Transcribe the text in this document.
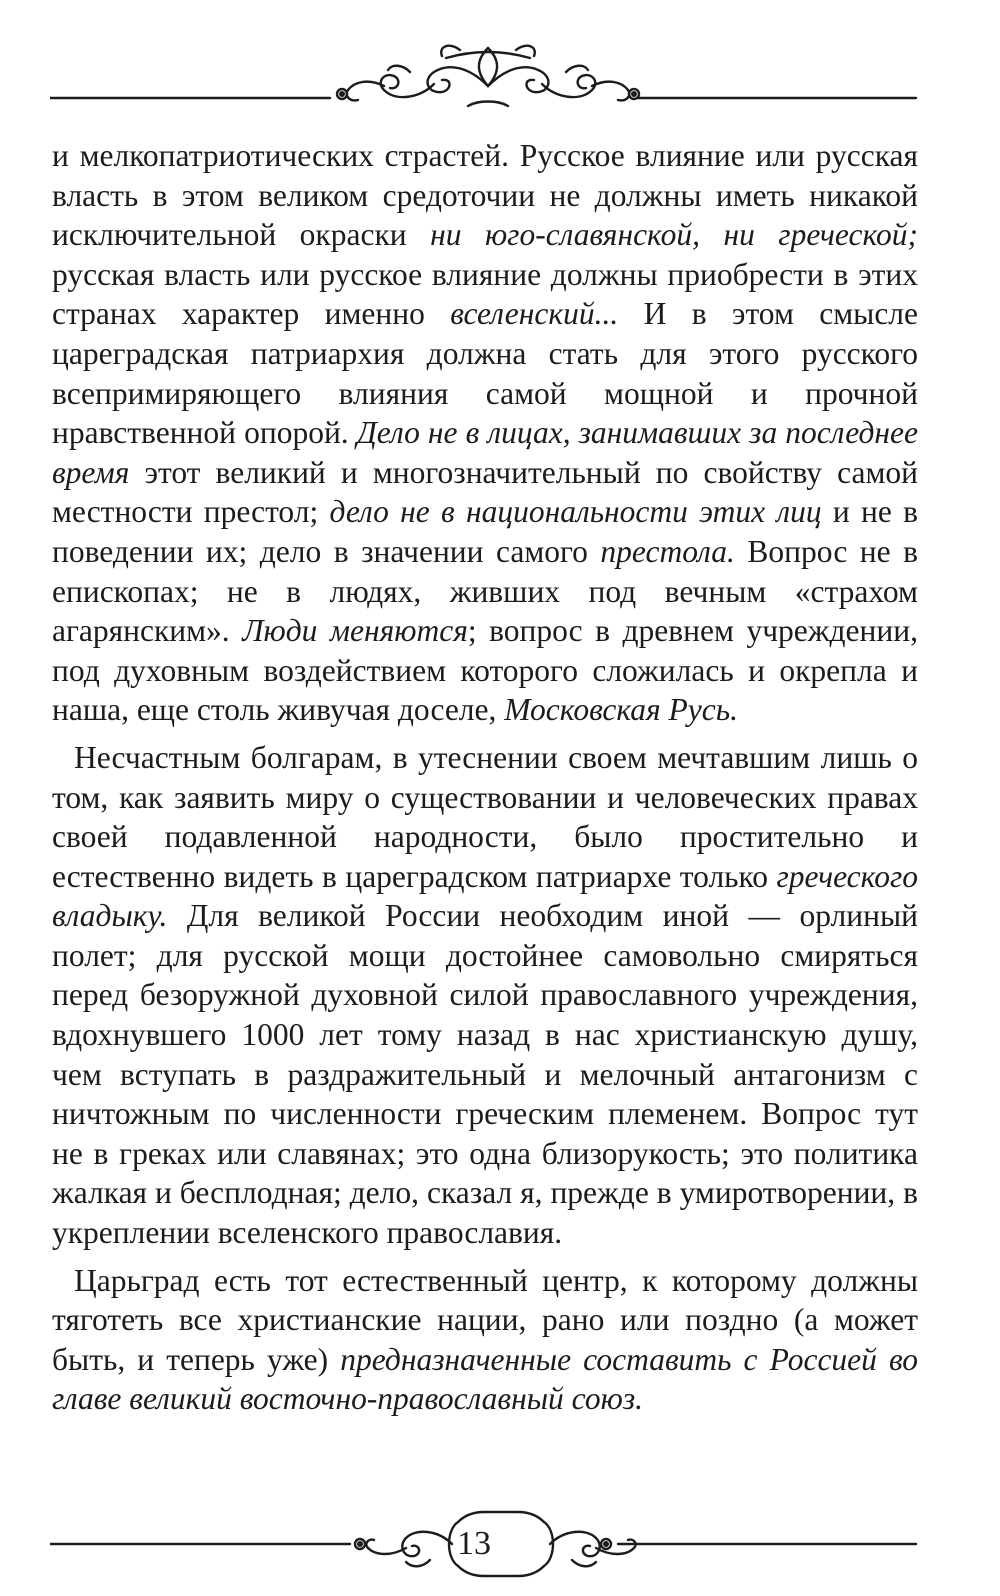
и мелкопатриотических страстей. Русское влияние или русская власть в этом великом средоточии не должны иметь никакой исключительной окраски ни юго-славянской, ни греческой; русская власть или русское влияние должны приобрести в этих странах характер именно вселенский... И в этом смысле цареградская патриархия должна стать для этого русского всепримиряющего влияния самой мощной и прочной нравственной опорой. Дело не в лицах, занимавших за последнее время этот великий и многозначительный по свойству самой местности престол; дело не в национальности этих лиц и не в поведении их; дело в значении самого престола. Вопрос не в епископах; не в людях, живших под вечным «страхом агарянским». Люди меняются; вопрос в древнем учреждении, под духовным воздействием которого сложилась и окрепла и наша, еще столь живучая доселе, Московская Русь.

Несчастным болгарам, в утеснении своем мечтавшим лишь о том, как заявить миру о существовании и человеческих правах своей подавленной народности, было простительно и естественно видеть в цареградском патриархе только греческого владыку. Для великой России необходим иной — орлиный полет; для русской мощи достойнее самовольно смиряться перед безоружной духовной силой православного учреждения, вдохнувшего 1000 лет тому назад в нас христианскую душу, чем вступать в раздражительный и мелочный антагонизм с ничтожным по численности греческим племенем. Вопрос тут не в греках или славянах; это одна близорукость; это политика жалкая и бесплодная; дело, сказал я, прежде в умиротворении, в укреплении вселенского православия.

Царьград есть тот естественный центр, к которому должны тяготеть все христианские нации, рано или поздно (а может быть, и теперь уже) предназначенные составить с Россией во главе великий восточно-православный союз.

13
